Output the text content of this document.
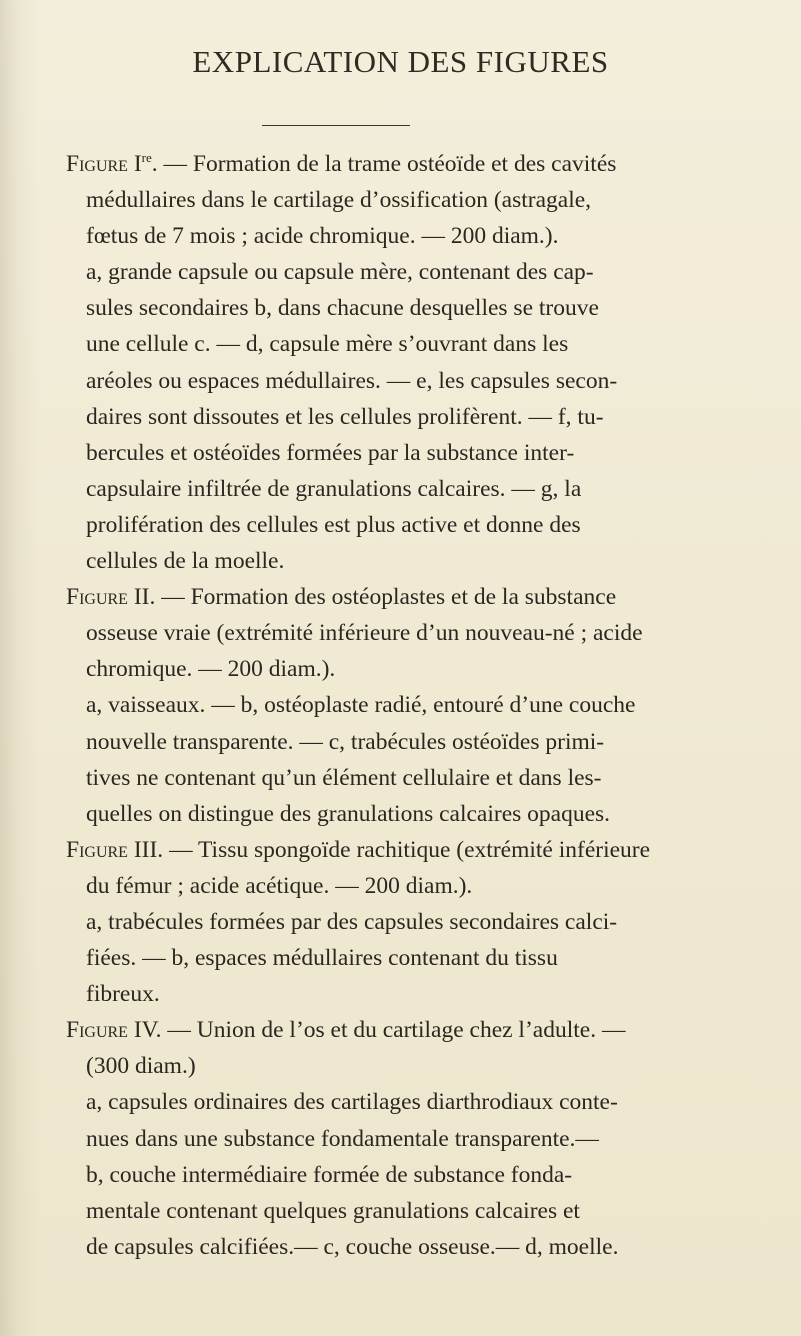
EXPLICATION DES FIGURES
Figure Ire. — Formation de la trame ostéoïde et des cavités
médullaires dans le cartilage d’ossification (astragale,
fœtus de 7 mois ; acide chromique. — 200 diam.).
a, grande capsule ou capsule mère, contenant des cap-
sules secondaires b, dans chacune desquelles se trouve
une cellule c. — d, capsule mère s’ouvrant dans les
aréoles ou espaces médullaires. — e, les capsules secon-
daires sont dissoutes et les cellules prolifèrent. — f, tu-
bercules et ostéoïdes formées par la substance inter-
capsulaire infiltrée de granulations calcaires. — g, la
prolifération des cellules est plus active et donne des
cellules de la moelle.
Figure II. — Formation des ostéoplastes et de la substance
osseuse vraie (extrémité inférieure d’un nouveau-né ; acide
chromique. — 200 diam.).
a, vaisseaux. — b, ostéoplaste radié, entouré d’une couche
nouvelle transparente. — c, trabécules ostéoïdes primi-
tives ne contenant qu’un élément cellulaire et dans les-
quelles on distingue des granulations calcaires opaques.
Figure III. — Tissu spongoïde rachitique (extrémité inférieure
du fémur ; acide acétique. — 200 diam.).
a, trabécules formées par des capsules secondaires calci-
fiées. — b, espaces médullaires contenant du tissu
fibreux.
Figure IV. — Union de l’os et du cartilage chez l’adulte. —
(300 diam.)
a, capsules ordinaires des cartilages diarthrodiaux conte-
nues dans une substance fondamentale transparente.—
b, couche intermédiaire formée de substance fonda-
mentale contenant quelques granulations calcaires et
de capsules calcifiées.— c, couche osseuse.— d, moelle.
